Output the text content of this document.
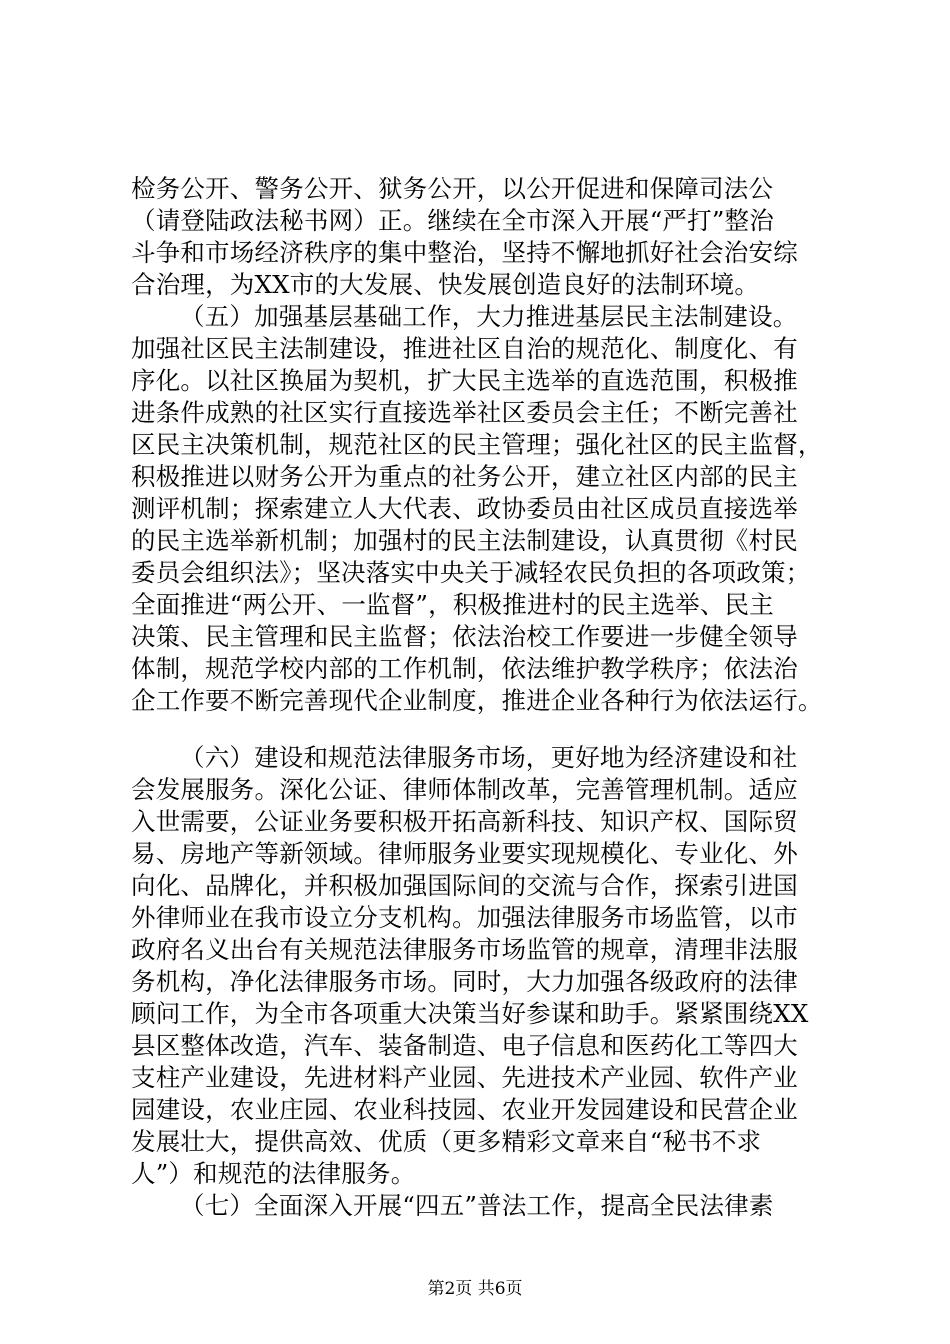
检务公开、警务公开、狱务公开，以公开促进和保障司法公
（请登陆政法秘书网）正。继续在全市深入开展“严打”整治
斗争和市场经济秩序的集中整治，坚持不懈地抓好社会治安综
合治理，为XX市的大发展、快发展创造良好的法制环境。
（五）加强基层基础工作，大力推进基层民主法制建设。
加强社区民主法制建设，推进社区自治的规范化、制度化、有
序化。以社区换届为契机，扩大民主选举的直选范围，积极推
进条件成熟的社区实行直接选举社区委员会主任；不断完善社
区民主决策机制，规范社区的民主管理；强化社区的民主监督，
积极推进以财务公开为重点的社务公开，建立社区内部的民主
测评机制；探索建立人大代表、政协委员由社区成员直接选举
的民主选举新机制；加强村的民主法制建设，认真贯彻《村民
委员会组织法》；坚决落实中央关于减轻农民负担的各项政策；
全面推进“两公开、一监督”，积极推进村的民主选举、民主
决策、民主管理和民主监督；依法治校工作要进一步健全领导
体制，规范学校内部的工作机制，依法维护教学秩序；依法治
企工作要不断完善现代企业制度，推进企业各种行为依法运行。
（六）建设和规范法律服务市场，更好地为经济建设和社
会发展服务。深化公证、律师体制改革，完善管理机制。适应
入世需要，公证业务要积极开拓高新科技、知识产权、国际贸
易、房地产等新领域。律师服务业要实现规模化、专业化、外
向化、品牌化，并积极加强国际间的交流与合作，探索引进国
外律师业在我市设立分支机构。加强法律服务市场监管，以市
政府名义出台有关规范法律服务市场监管的规章，清理非法服
务机构，净化法律服务市场。同时，大力加强各级政府的法律
顾问工作，为全市各项重大决策当好参谋和助手。紧紧围绕XX
县区整体改造，汽车、装备制造、电子信息和医药化工等四大
支柱产业建设，先进材料产业园、先进技术产业园、软件产业
园建设，农业庄园、农业科技园、农业开发园建设和民营企业
发展壮大，提供高效、优质（更多精彩文章来自“秘书不求
人”）和规范的法律服务。
（七）全面深入开展“四五”普法工作，提高全民法律素
第2页 共6页
